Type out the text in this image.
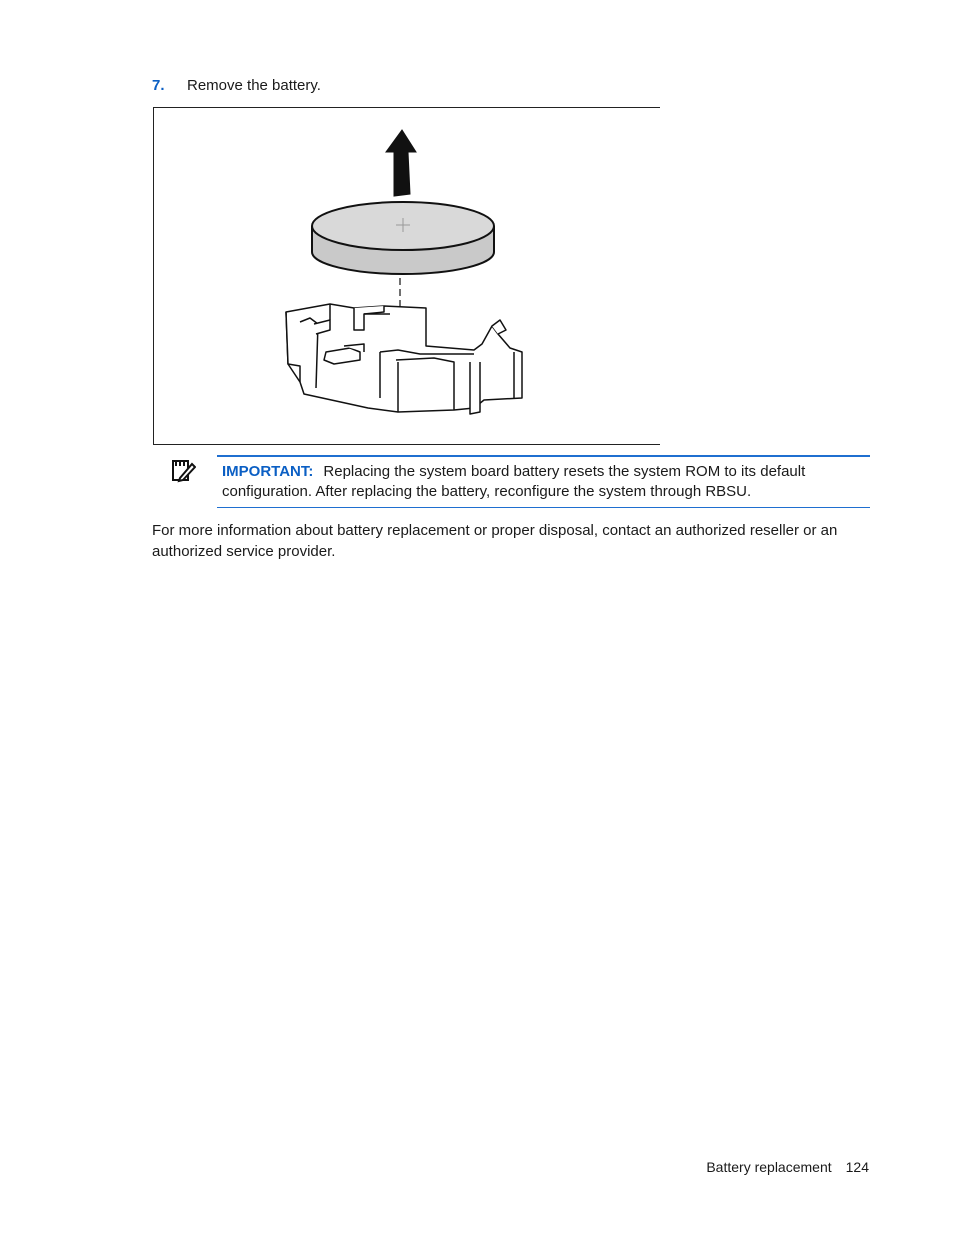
7. Remove the battery.
IMPORTANT: Replacing the system board battery resets the system ROM to its default configuration. After replacing the battery, reconfigure the system through RBSU.
For more information about battery replacement or proper disposal, contact an authorized reseller or an authorized service provider.
Battery replacement 124
